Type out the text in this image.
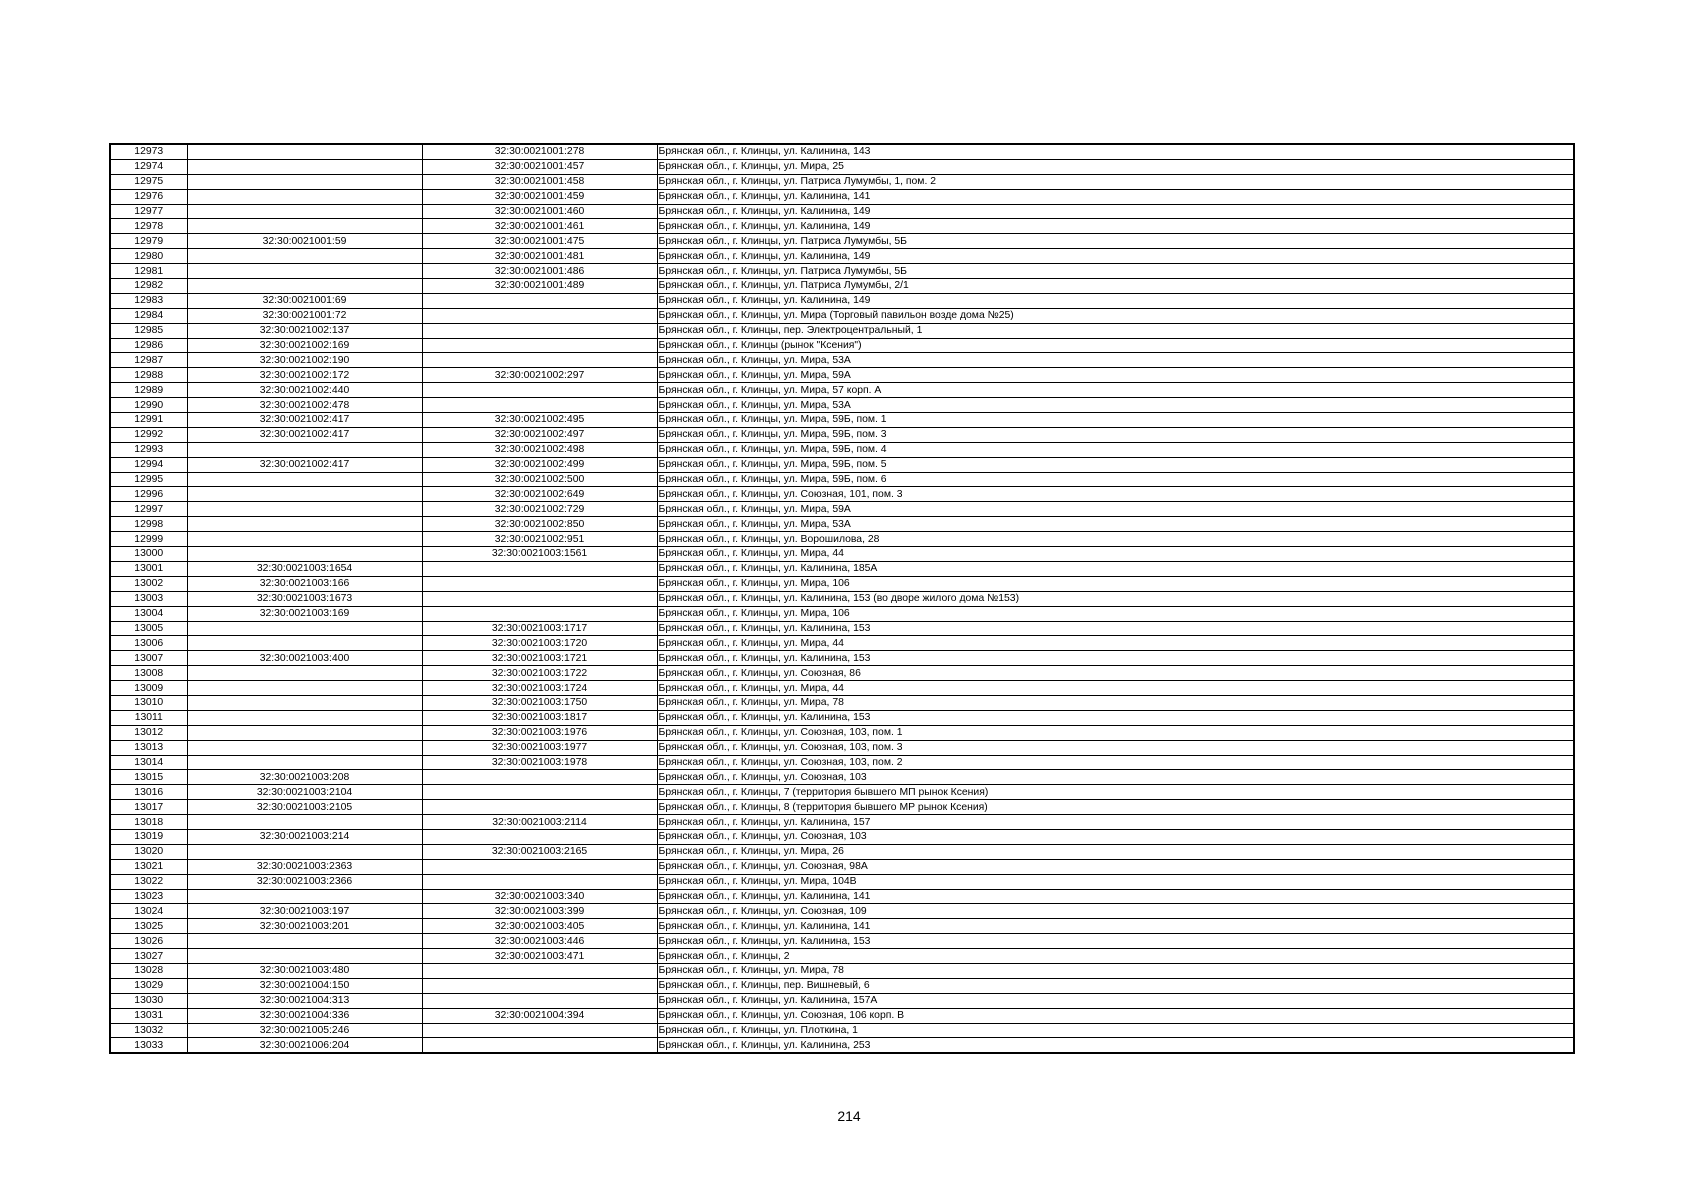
12973		32:30:0021001:278	Брянская обл., г. Клинцы, ул. Калинина, 143
12974		32:30:0021001:457	Брянская обл., г. Клинцы, ул. Мира, 25
12975		32:30:0021001:458	Брянская обл., г. Клинцы, ул. Патриса Лумумбы, 1, пом. 2
12976		32:30:0021001:459	Брянская обл., г. Клинцы, ул. Калинина, 141
12977		32:30:0021001:460	Брянская обл., г. Клинцы, ул. Калинина, 149
12978		32:30:0021001:461	Брянская обл., г. Клинцы, ул. Калинина, 149
12979	32:30:0021001:59	32:30:0021001:475	Брянская обл., г. Клинцы, ул. Патриса Лумумбы, 5Б
12980		32:30:0021001:481	Брянская обл., г. Клинцы, ул. Калинина, 149
12981		32:30:0021001:486	Брянская обл., г. Клинцы, ул. Патриса Лумумбы, 5Б
12982		32:30:0021001:489	Брянская обл., г. Клинцы, ул. Патриса Лумумбы, 2/1
12983	32:30:0021001:69		Брянская обл., г. Клинцы, ул. Калинина, 149
12984	32:30:0021001:72		Брянская обл., г. Клинцы, ул. Мира (Торговый павильон возде дома №25)
12985	32:30:0021002:137		Брянская обл., г. Клинцы, пер. Электроцентральный, 1
12986	32:30:0021002:169		Брянская обл., г. Клинцы (рынок "Ксения")
12987	32:30:0021002:190		Брянская обл., г. Клинцы, ул. Мира, 53А
12988	32:30:0021002:172	32:30:0021002:297	Брянская обл., г. Клинцы, ул. Мира, 59А
12989	32:30:0021002:440		Брянская обл., г. Клинцы, ул. Мира, 57 корп. А
12990	32:30:0021002:478		Брянская обл., г. Клинцы, ул. Мира, 53А
12991	32:30:0021002:417	32:30:0021002:495	Брянская обл., г. Клинцы, ул. Мира, 59Б, пом. 1
12992	32:30:0021002:417	32:30:0021002:497	Брянская обл., г. Клинцы, ул. Мира, 59Б, пом. 3
12993		32:30:0021002:498	Брянская обл., г. Клинцы, ул. Мира, 59Б, пом. 4
12994	32:30:0021002:417	32:30:0021002:499	Брянская обл., г. Клинцы, ул. Мира, 59Б, пом. 5
12995		32:30:0021002:500	Брянская обл., г. Клинцы, ул. Мира, 59Б, пом. 6
12996		32:30:0021002:649	Брянская обл., г. Клинцы, ул. Союзная, 101, пом. 3
12997		32:30:0021002:729	Брянская обл., г. Клинцы, ул. Мира, 59А
12998		32:30:0021002:850	Брянская обл., г. Клинцы, ул. Мира, 53А
12999		32:30:0021002:951	Брянская обл., г. Клинцы, ул. Ворошилова, 28
13000		32:30:0021003:1561	Брянская обл., г. Клинцы, ул. Мира, 44
13001	32:30:0021003:1654		Брянская обл., г. Клинцы, ул. Калинина, 185А
13002	32:30:0021003:166		Брянская обл., г. Клинцы, ул. Мира, 106
13003	32:30:0021003:1673		Брянская обл., г. Клинцы, ул. Калинина, 153 (во дворе жилого дома №153)
13004	32:30:0021003:169		Брянская обл., г. Клинцы, ул. Мира, 106
13005		32:30:0021003:1717	Брянская обл., г. Клинцы, ул. Калинина, 153
13006		32:30:0021003:1720	Брянская обл., г. Клинцы, ул. Мира, 44
13007	32:30:0021003:400	32:30:0021003:1721	Брянская обл., г. Клинцы, ул. Калинина, 153
13008		32:30:0021003:1722	Брянская обл., г. Клинцы, ул. Союзная, 86
13009		32:30:0021003:1724	Брянская обл., г. Клинцы, ул. Мира, 44
13010		32:30:0021003:1750	Брянская обл., г. Клинцы, ул. Мира, 78
13011		32:30:0021003:1817	Брянская обл., г. Клинцы, ул. Калинина, 153
13012		32:30:0021003:1976	Брянская обл., г. Клинцы, ул. Союзная, 103, пом. 1
13013		32:30:0021003:1977	Брянская обл., г. Клинцы, ул. Союзная, 103, пом. 3
13014		32:30:0021003:1978	Брянская обл., г. Клинцы, ул. Союзная, 103, пом. 2
13015	32:30:0021003:208		Брянская обл., г. Клинцы, ул. Союзная, 103
13016	32:30:0021003:2104		Брянская обл., г. Клинцы, 7 (территория бывшего МП рынок Ксения)
13017	32:30:0021003:2105		Брянская обл., г. Клинцы, 8 (территория бывшего МР рынок Ксения)
13018		32:30:0021003:2114	Брянская обл., г. Клинцы, ул. Калинина, 157
13019	32:30:0021003:214		Брянская обл., г. Клинцы, ул. Союзная, 103
13020		32:30:0021003:2165	Брянская обл., г. Клинцы, ул. Мира, 26
13021	32:30:0021003:2363		Брянская обл., г. Клинцы, ул. Союзная, 98А
13022	32:30:0021003:2366		Брянская обл., г. Клинцы, ул. Мира, 104В
13023		32:30:0021003:340	Брянская обл., г. Клинцы, ул. Калинина, 141
13024	32:30:0021003:197	32:30:0021003:399	Брянская обл., г. Клинцы, ул. Союзная, 109
13025	32:30:0021003:201	32:30:0021003:405	Брянская обл., г. Клинцы, ул. Калинина, 141
13026		32:30:0021003:446	Брянская обл., г. Клинцы, ул. Калинина, 153
13027		32:30:0021003:471	Брянская обл., г. Клинцы, 2
13028	32:30:0021003:480		Брянская обл., г. Клинцы, ул. Мира, 78
13029	32:30:0021004:150		Брянская обл., г. Клинцы, пер. Вишневый, 6
13030	32:30:0021004:313		Брянская обл., г. Клинцы, ул. Калинина, 157А
13031	32:30:0021004:336	32:30:0021004:394	Брянская обл., г. Клинцы, ул. Союзная, 106 корп. В
13032	32:30:0021005:246		Брянская обл., г. Клинцы, ул. Плоткина, 1
13033	32:30:0021006:204		Брянская обл., г. Клинцы, ул. Калинина, 253
214
